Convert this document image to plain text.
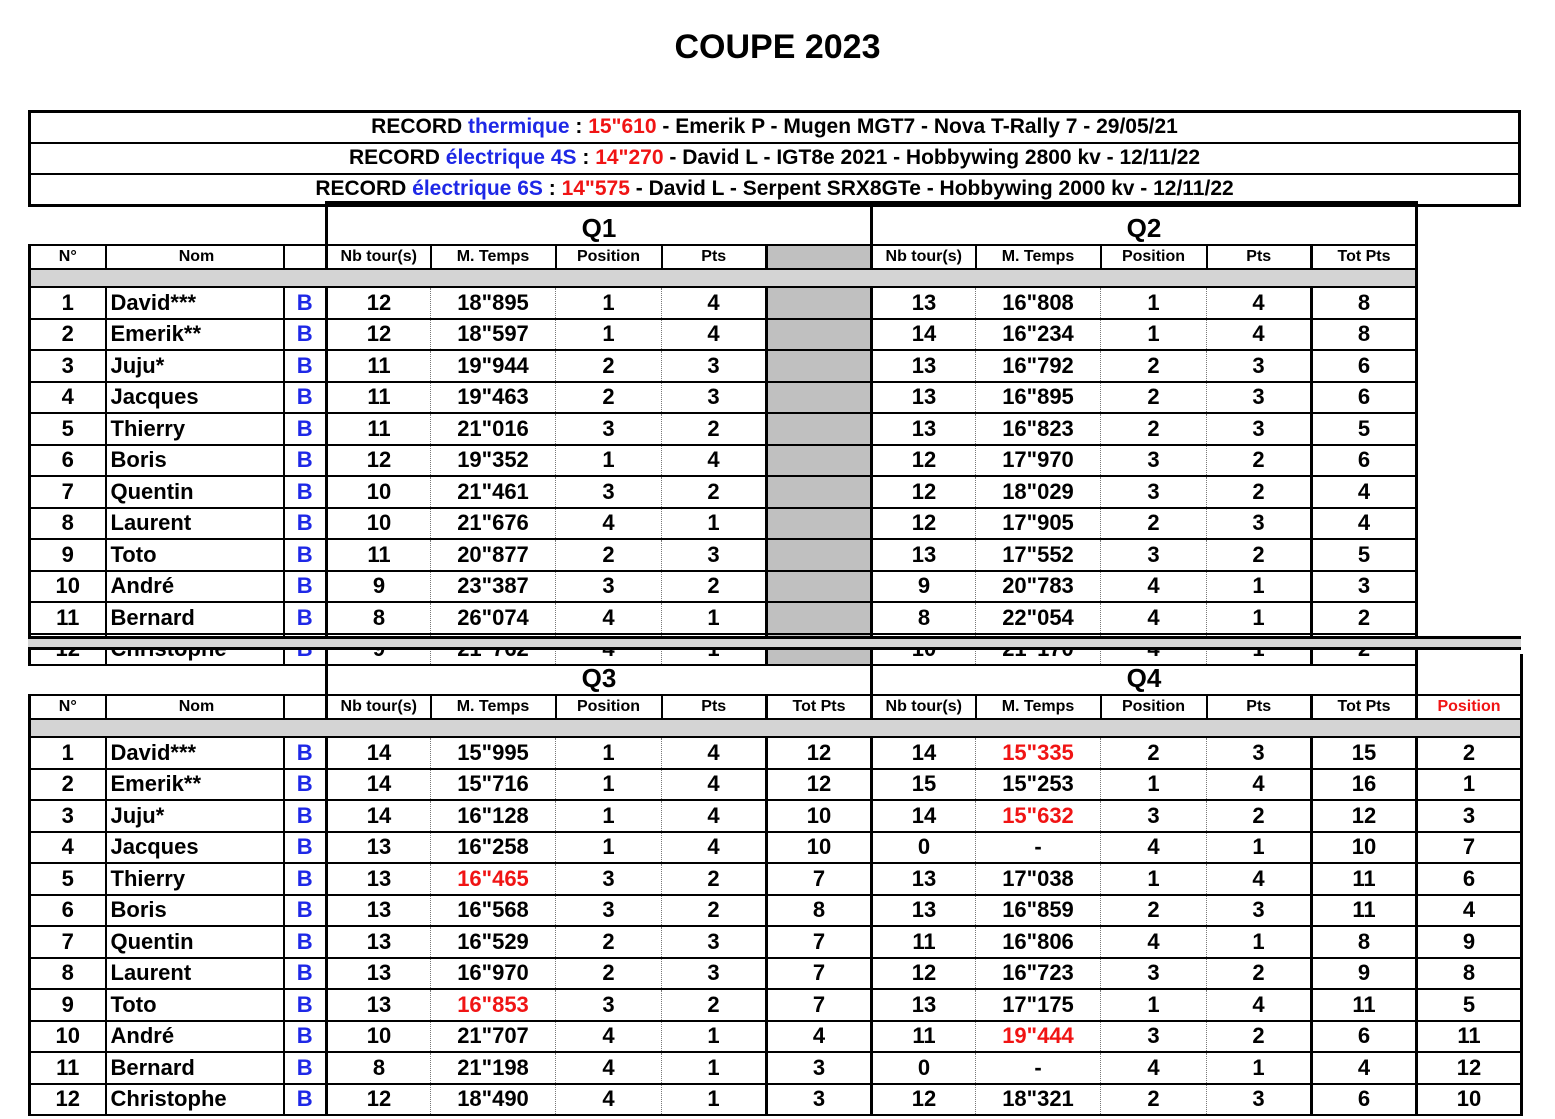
COUPE 2023
RECORD thermique : 15"610 - Emerik P - Mugen MGT7 - Nova T-Rally 7 - 29/05/21
RECORD électrique 4S : 14"270 - David L - IGT8e 2021 - Hobbywing 2800 kv - 12/11/22
RECORD électrique 6S : 14"575 - David L - Serpent SRX8GTe - Hobbywing 2000 kv - 12/11/22
			Q1					Q2				
N°	Nom		Nb tour(s)	M. Temps	Position	Pts		Nb tour(s)	M. Temps	Position	Pts	Tot Pts

1	David***	B	12	18"895	1	4		13	16"808	1	4	8
2	Emerik**	B	12	18"597	1	4		14	16"234	1	4	8
3	Juju*	B	11	19"944	2	3		13	16"792	2	3	6
4	Jacques	B	11	19"463	2	3		13	16"895	2	3	6
5	Thierry	B	11	21"016	3	2		13	16"823	2	3	5
6	Boris	B	12	19"352	1	4		12	17"970	3	2	6
7	Quentin	B	10	21"461	3	2		12	18"029	3	2	4
8	Laurent	B	10	21"676	4	1		12	17"905	2	3	4
9	Toto	B	11	20"877	2	3		13	17"552	3	2	5
10	André	B	9	23"387	3	2		9	20"783	4	1	3
11	Bernard	B	8	26"074	4	1		8	22"054	4	1	2

			Q3					Q4					
N°	Nom		Nb tour(s)	M. Temps	Position	Pts	Tot Pts	Nb tour(s)	M. Temps	Position	Pts	Tot Pts	Position

1	David***	B	14	15"995	1	4	12	14	15"335	2	3	15	2
2	Emerik**	B	14	15"716	1	4	12	15	15"253	1	4	16	1
3	Juju*	B	14	16"128	1	4	10	14	15"632	3	2	12	3
4	Jacques	B	13	16"258	1	4	10	0	-	4	1	10	7
5	Thierry	B	13	16"465	3	2	7	13	17"038	1	4	11	6
6	Boris	B	13	16"568	3	2	8	13	16"859	2	3	11	4
7	Quentin	B	13	16"529	2	3	7	11	16"806	4	1	8	9
8	Laurent	B	13	16"970	2	3	7	12	16"723	3	2	9	8
9	Toto	B	13	16"853	3	2	7	13	17"175	1	4	11	5
10	André	B	10	21"707	4	1	4	11	19"444	3	2	6	11
11	Bernard	B	8	21"198	4	1	3	0	-	4	1	4	12
12	Christophe	B	12	18"490	4	1	3	12	18"321	2	3	6	10
